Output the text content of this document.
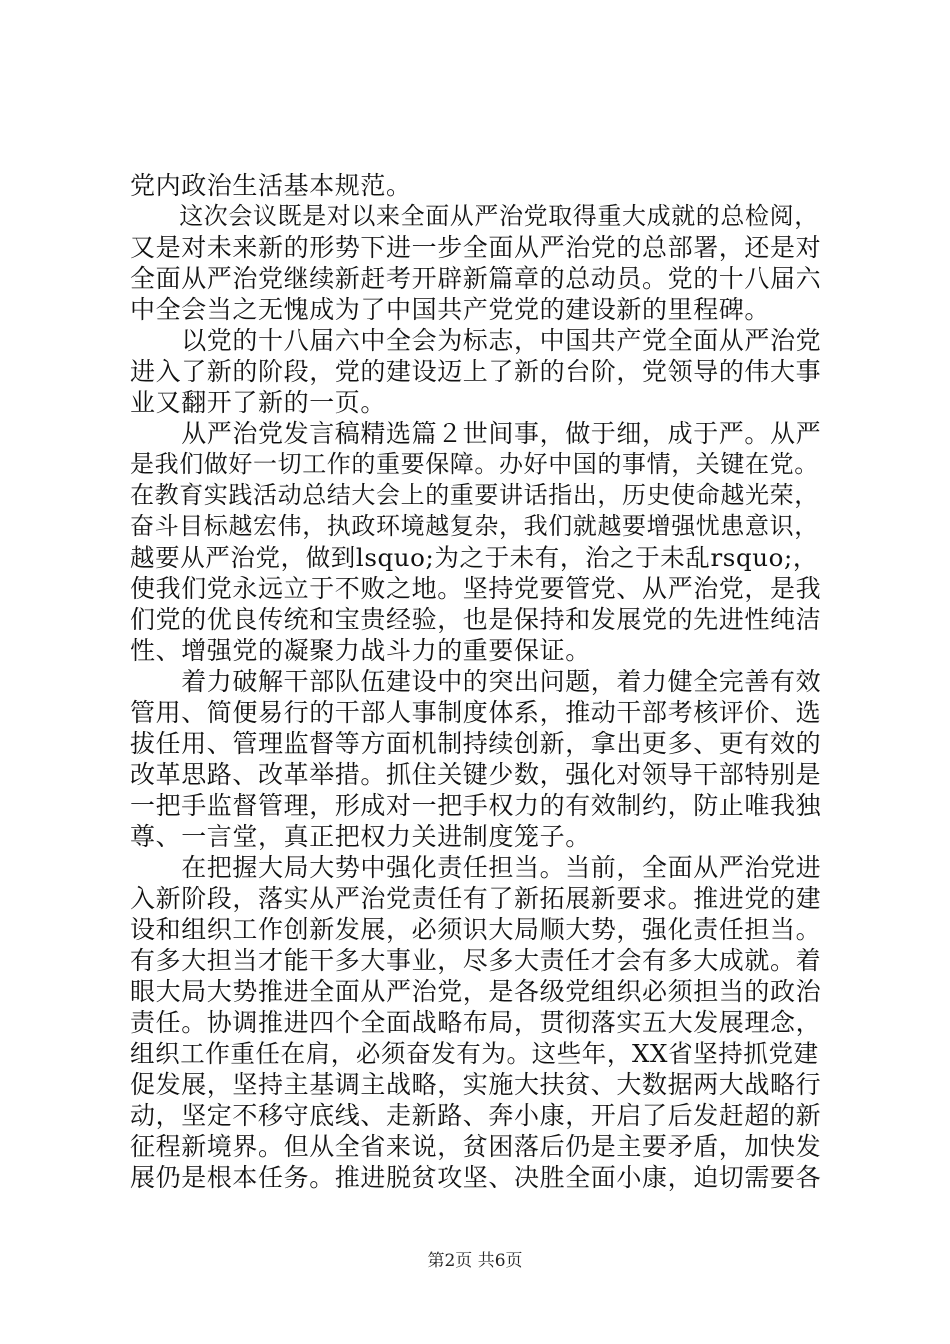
党内政治生活基本规范。
　　这次会议既是对以来全面从严治党取得重大成就的总检阅，
又是对未来新的形势下进一步全面从严治党的总部署，还是对
全面从严治党继续新赶考开辟新篇章的总动员。党的十八届六
中全会当之无愧成为了中国共产党党的建设新的里程碑。
　　以党的十八届六中全会为标志，中国共产党全面从严治党
进入了新的阶段，党的建设迈上了新的台阶，党领导的伟大事
业又翻开了新的一页。
　　从严治党发言稿精选篇２世间事，做于细，成于严。从严
是我们做好一切工作的重要保障。办好中国的事情，关键在党。
在教育实践活动总结大会上的重要讲话指出，历史使命越光荣，
奋斗目标越宏伟，执政环境越复杂，我们就越要增强忧患意识，
越要从严治党，做到lsquo;为之于未有，治之于未乱rsquo;，
使我们党永远立于不败之地。坚持党要管党、从严治党，是我
们党的优良传统和宝贵经验，也是保持和发展党的先进性纯洁
性、增强党的凝聚力战斗力的重要保证。
　　着力破解干部队伍建设中的突出问题，着力健全完善有效
管用、简便易行的干部人事制度体系，推动干部考核评价、选
拔任用、管理监督等方面机制持续创新，拿出更多、更有效的
改革思路、改革举措。抓住关键少数，强化对领导干部特别是
一把手监督管理，形成对一把手权力的有效制约，防止唯我独
尊、一言堂，真正把权力关进制度笼子。
　　在把握大局大势中强化责任担当。当前，全面从严治党进
入新阶段，落实从严治党责任有了新拓展新要求。推进党的建
设和组织工作创新发展，必须识大局顺大势，强化责任担当。
有多大担当才能干多大事业，尽多大责任才会有多大成就。着
眼大局大势推进全面从严治党，是各级党组织必须担当的政治
责任。协调推进四个全面战略布局，贯彻落实五大发展理念，
组织工作重任在肩，必须奋发有为。这些年，XX省坚持抓党建
促发展，坚持主基调主战略，实施大扶贫、大数据两大战略行
动，坚定不移守底线、走新路、奔小康，开启了后发赶超的新
征程新境界。但从全省来说，贫困落后仍是主要矛盾，加快发
展仍是根本任务。推进脱贫攻坚、决胜全面小康，迫切需要各
第2页 共6页
